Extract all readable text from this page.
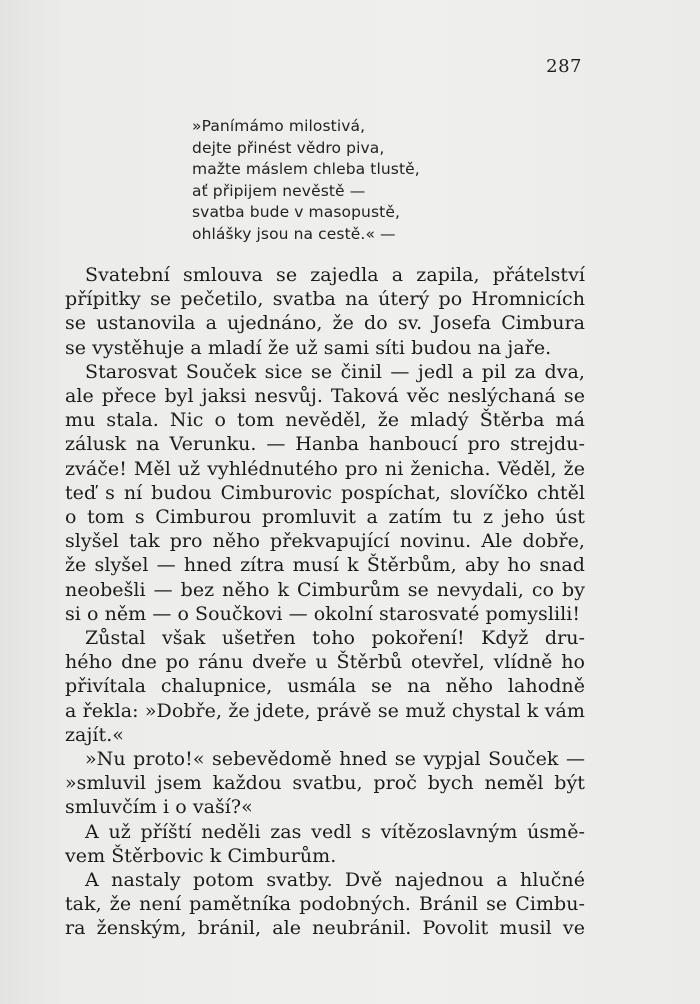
287
»Panímámo milostivá,
dejte přinést vědro piva,
mažte máslem chleba tlustě,
ať připijem nevěstě —
svatba bude v masopustě,
ohlášky jsou na cestě.« —
Svatební smlouva se zajedla a zapila, přátelství
přípitky se pečetilo, svatba na úterý po Hromnicích
se ustanovila a ujednáno, že do sv. Josefa Cimbura
se vystěhuje a mladí že už sami síti budou na jaře.
Starosvat Souček sice se činil — jedl a pil za dva,
ale přece byl jaksi nesvůj. Taková věc neslýchaná se
mu stala. Nic o tom nevěděl, že mladý Štěrba má
zálusk na Verunku. — Hanba hanboucí pro strejdu-
zváče! Měl už vyhlédnutého pro ni ženicha. Věděl, že
teď s ní budou Cimburovic pospíchat, slovíčko chtěl
o tom s Cimburou promluvit a zatím tu z jeho úst
slyšel tak pro něho překvapující novinu. Ale dobře,
že slyšel — hned zítra musí k Štěrbům, aby ho snad
neobešli — bez něho k Cimburům se nevydali, co by
si o něm — o Součkovi — okolní starosvaté pomyslili!
Zůstal však ušetřen toho pokoření! Když dru-
hého dne po ránu dveře u Štěrbů otevřel, vlídně ho
přivítala chalupnice, usmála se na něho lahodně
a řekla: »Dobře, že jdete, právě se muž chystal k vám
zajít.«
»Nu proto!« sebevědomě hned se vypjal Souček —
»smluvil jsem každou svatbu, proč bych neměl být
smluvčím i o vaší?«
A už příští neděli zas vedl s vítězoslavným úsmě-
vem Štěrbovic k Cimburům.
A nastaly potom svatby. Dvě najednou a hlučné
tak, že není pamětníka podobných. Bránil se Cimbu-
ra ženským, bránil, ale neubránil. Povolit musil ve
